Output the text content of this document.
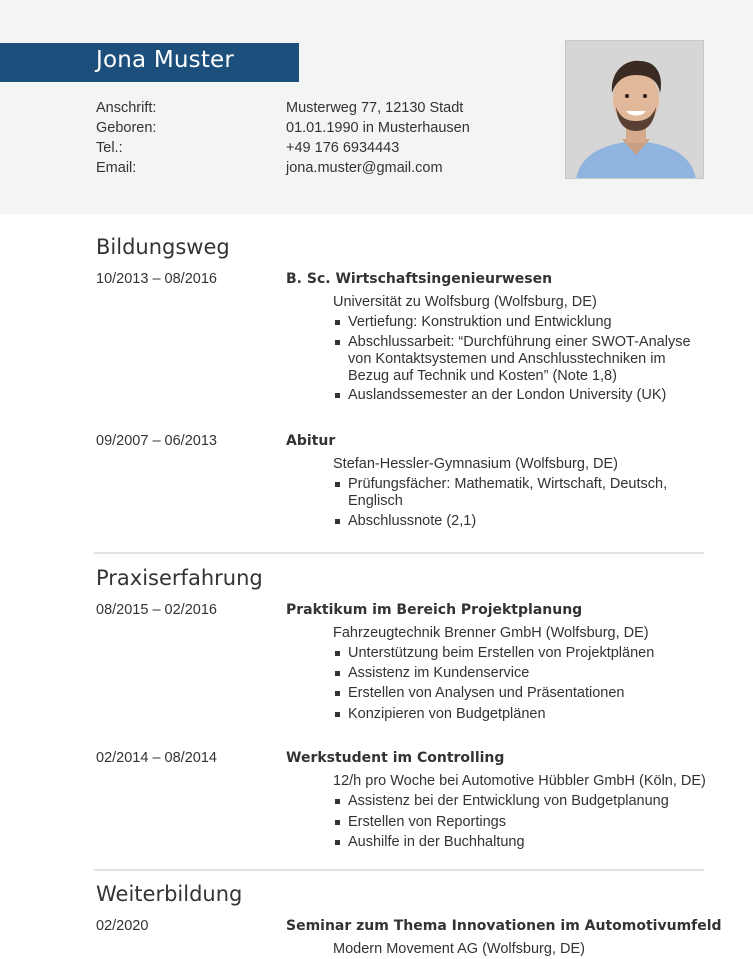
Jona Muster
Anschrift:	Musterweg 77, 12130 Stadt
Geboren:	01.01.1990 in Musterhausen
Tel.:	+49 176 6934443
Email:	jona.muster@gmail.com
Bildungsweg
10/2013 – 08/2016	B. Sc. Wirtschaftsingenieurwesen
Universität zu Wolfsburg (Wolfsburg, DE)
Vertiefung: Konstruktion und Entwicklung
Abschlussarbeit: “Durchführung einer SWOT-Analyse von Kontaktsystemen und Anschlusstechniken im Bezug auf Technik und Kosten” (Note 1,8)
Auslandssemester an der London University (UK)
09/2007 – 06/2013	Abitur
Stefan-Hessler-Gymnasium (Wolfsburg, DE)
Prüfungsfächer: Mathematik, Wirtschaft, Deutsch, Englisch
Abschlussnote (2,1)
Praxiserfahrung
08/2015 – 02/2016	Praktikum im Bereich Projektplanung
Fahrzeugtechnik Brenner GmbH (Wolfsburg, DE)
Unterstützung beim Erstellen von Projektplänen
Assistenz im Kundenservice
Erstellen von Analysen und Präsentationen
Konzipieren von Budgetplänen
02/2014 – 08/2014	Werkstudent im Controlling
12/h pro Woche bei Automotive Hübbler GmbH (Köln, DE)
Assistenz bei der Entwicklung von Budgetplanung
Erstellen von Reportings
Aushilfe in der Buchhaltung
Weiterbildung
02/2020	Seminar zum Thema Innovationen im Automotivumfeld
Modern Movement AG (Wolfsburg, DE)
